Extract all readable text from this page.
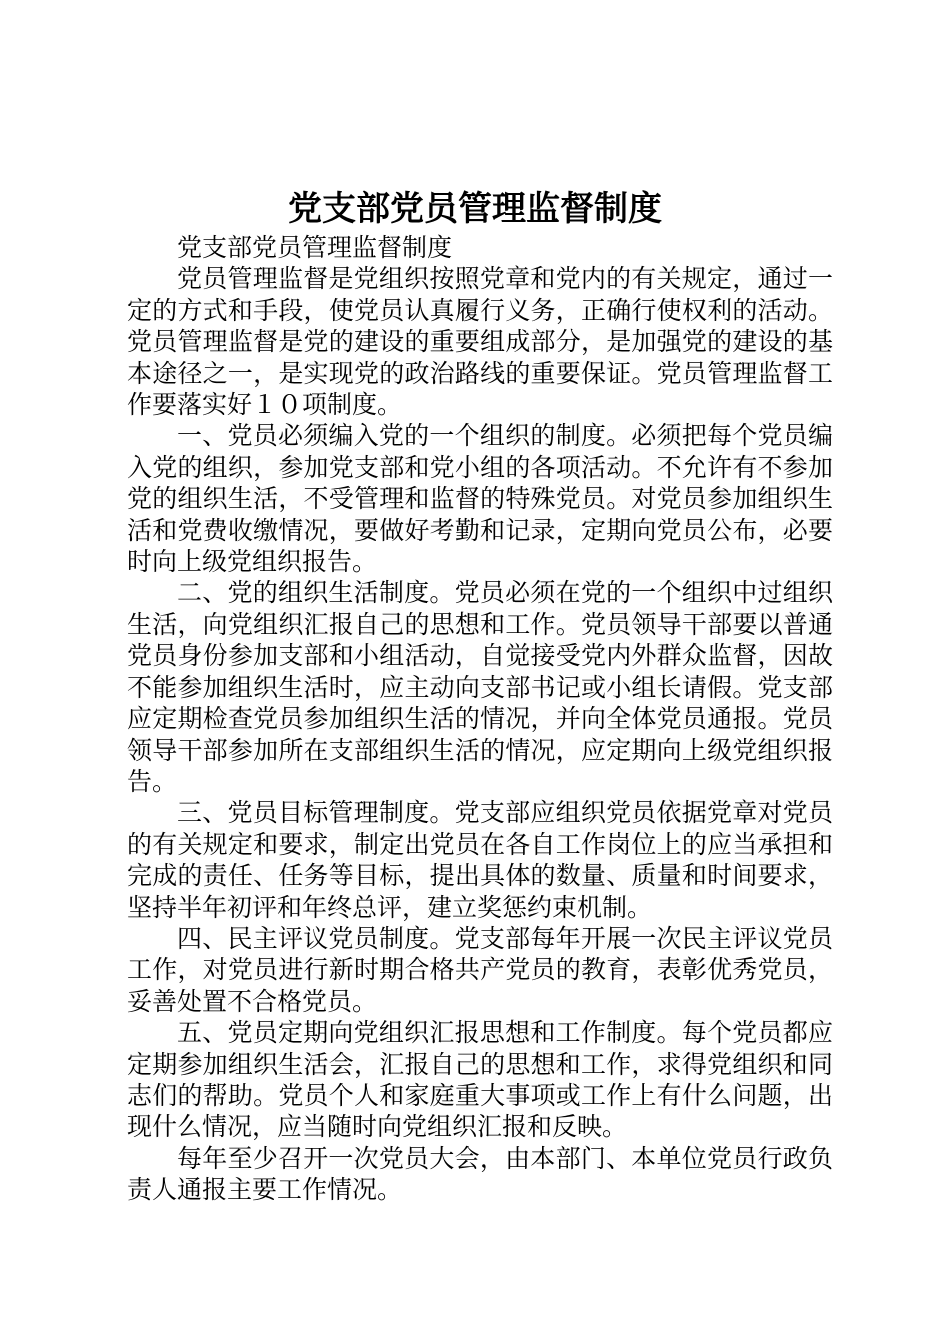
党支部党员管理监督制度

党支部党员管理监督制度

党员管理监督是党组织按照党章和党内的有关规定，通过一定的方式和手段，使党员认真履行义务，正确行使权利的活动。党员管理监督是党的建设的重要组成部分，是加强党的建设的基本途径之一，是实现党的政治路线的重要保证。党员管理监督工作要落实好１０项制度。

一、党员必须编入党的一个组织的制度。必须把每个党员编入党的组织，参加党支部和党小组的各项活动。不允许有不参加党的组织生活，不受管理和监督的特殊党员。对党员参加组织生活和党费收缴情况，要做好考勤和记录，定期向党员公布，必要时向上级党组织报告。

二、党的组织生活制度。党员必须在党的一个组织中过组织生活，向党组织汇报自己的思想和工作。党员领导干部要以普通党员身份参加支部和小组活动，自觉接受党内外群众监督，因故不能参加组织生活时，应主动向支部书记或小组长请假。党支部应定期检查党员参加组织生活的情况，并向全体党员通报。党员领导干部参加所在支部组织生活的情况，应定期向上级党组织报告。

三、党员目标管理制度。党支部应组织党员依据党章对党员的有关规定和要求，制定出党员在各自工作岗位上的应当承担和完成的责任、任务等目标，提出具体的数量、质量和时间要求，坚持半年初评和年终总评，建立奖惩约束机制。

四、民主评议党员制度。党支部每年开展一次民主评议党员工作，对党员进行新时期合格共产党员的教育，表彰优秀党员，妥善处置不合格党员。

五、党员定期向党组织汇报思想和工作制度。每个党员都应定期参加组织生活会，汇报自己的思想和工作，求得党组织和同志们的帮助。党员个人和家庭重大事项或工作上有什么问题，出现什么情况，应当随时向党组织汇报和反映。

每年至少召开一次党员大会，由本部门、本单位党员行政负责人通报主要工作情况。
